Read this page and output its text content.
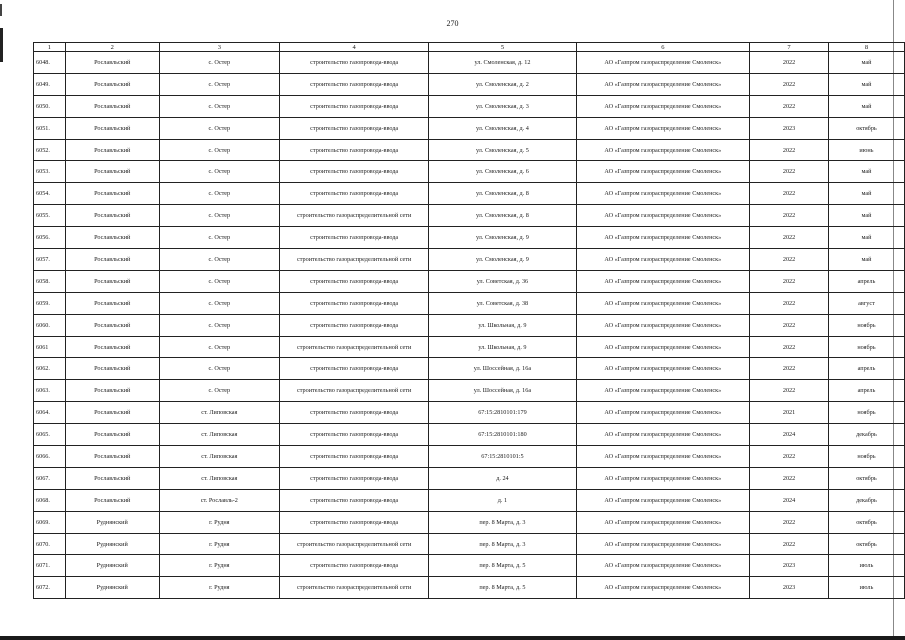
270
1	2	3	4	5	6	7	8
6048.	Рославльский	с. Остер	строительство газопровода-ввода	ул. Смоленская, д. 12	АО «Газпром газораспределение Смоленск»	2022	май
6049.	Рославльский	с. Остер	строительство газопровода-ввода	ул. Смоленская, д. 2	АО «Газпром газораспределение Смоленск»	2022	май
6050.	Рославльский	с. Остер	строительство газопровода-ввода	ул. Смоленская, д. 3	АО «Газпром газораспределение Смоленск»	2022	май
6051.	Рославльский	с. Остер	строительство газопровода-ввода	ул. Смоленская, д. 4	АО «Газпром газораспределение Смоленск»	2023	октябрь
6052.	Рославльский	с. Остер	строительство газопровода-ввода	ул. Смоленская, д. 5	АО «Газпром газораспределение Смоленск»	2022	июнь
6053.	Рославльский	с. Остер	строительство газопровода-ввода	ул. Смоленская, д. 6	АО «Газпром газораспределение Смоленск»	2022	май
6054.	Рославльский	с. Остер	строительство газопровода-ввода	ул. Смоленская, д. 8	АО «Газпром газораспределение Смоленск»	2022	май
6055.	Рославльский	с. Остер	строительство газораспределительной сети	ул. Смоленская, д. 8	АО «Газпром газораспределение Смоленск»	2022	май
6056.	Рославльский	с. Остер	строительство газопровода-ввода	ул. Смоленская, д. 9	АО «Газпром газораспределение Смоленск»	2022	май
6057.	Рославльский	с. Остер	строительство газораспределительной сети	ул. Смоленская, д. 9	АО «Газпром газораспределение Смоленск»	2022	май
6058.	Рославльский	с. Остер	строительство газопровода-ввода	ул. Советская, д. 36	АО «Газпром газораспределение Смоленск»	2022	апрель
6059.	Рославльский	с. Остер	строительство газопровода-ввода	ул. Советская, д. 38	АО «Газпром газораспределение Смоленск»	2022	август
6060.	Рославльский	с. Остер	строительство газопровода-ввода	ул. Школьная, д. 9	АО «Газпром газораспределение Смоленск»	2022	ноябрь
6061	Рославльский	с. Остер	строительство газораспределительной сети	ул. Школьная, д. 9	АО «Газпром газораспределение Смоленск»	2022	ноябрь
6062.	Рославльский	с. Остер	строительство газопровода-ввода	ул. Шоссейная, д. 16а	АО «Газпром газораспределение Смоленск»	2022	апрель
6063.	Рославльский	с. Остер	строительство газораспределительной сети	ул. Шоссейная, д. 16а	АО «Газпром газораспределение Смоленск»	2022	апрель
6064.	Рославльский	ст. Липовская	строительство газопровода-ввода	67:15:2810101:179	АО «Газпром газораспределение Смоленск»	2021	ноябрь
6065.	Рославльский	ст. Липовская	строительство газопровода-ввода	67:15:2810101:180	АО «Газпром газораспределение Смоленск»	2024	декабрь
6066.	Рославльский	ст. Липовская	строительство газопровода-ввода	67:15:2810101:5	АО «Газпром газораспределение Смоленск»	2022	ноябрь
6067.	Рославльский	ст. Липовская	строительство газопровода-ввода	д. 24	АО «Газпром газораспределение Смоленск»	2022	октябрь
6068.	Рославльский	ст. Рославль-2	строительство газопровода-ввода	д. 1	АО «Газпром газораспределение Смоленск»	2024	декабрь
6069.	Руднянский	г. Рудня	строительство газопровода-ввода	пер. 8 Марта, д. 3	АО «Газпром газораспределение Смоленск»	2022	октябрь
6070.	Руднянский	г. Рудня	строительство газораспределительной сети	пер. 8 Марта, д. 3	АО «Газпром газораспределение Смоленск»	2022	октябрь
6071.	Руднянский	г. Рудня	строительство газопровода-ввода	пер. 8 Марта, д. 5	АО «Газпром газораспределение Смоленск»	2023	июль
6072.	Руднянский	г. Рудня	строительство газораспределительной сети	пер. 8 Марта, д. 5	АО «Газпром газораспределение Смоленск»	2023	июль
